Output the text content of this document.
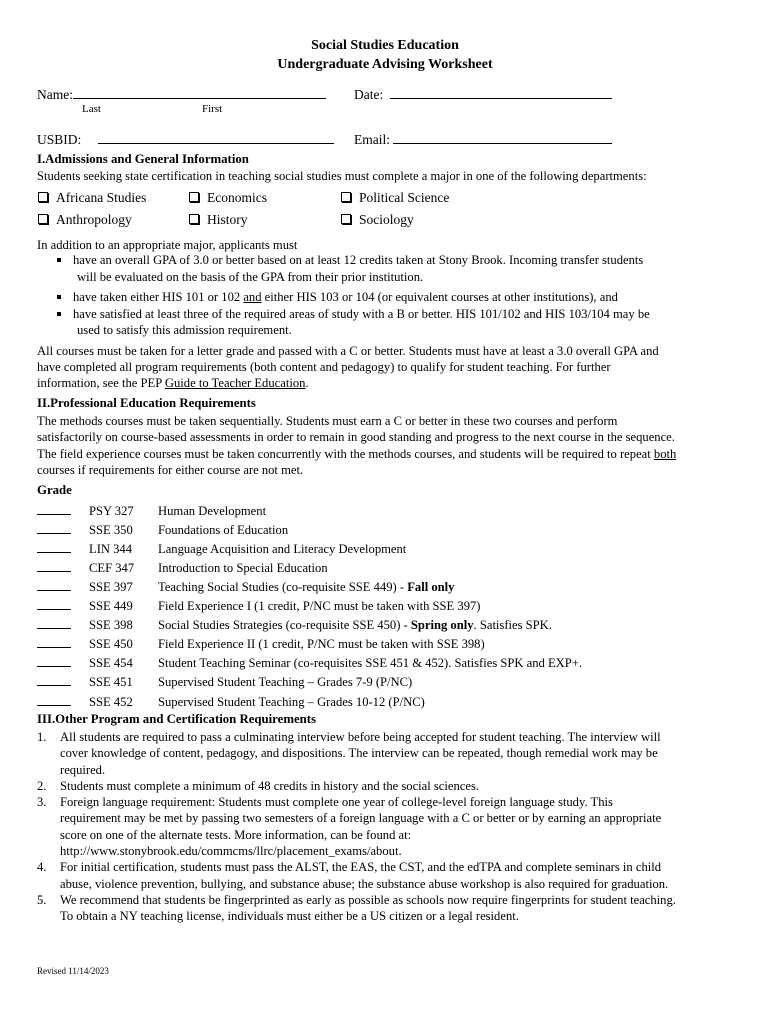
Social Studies Education
Undergraduate Advising Worksheet
Name:	Date:
Last	First
USBID:	Email:
I.Admissions and General Information
Students seeking state certification in teaching social studies must complete a major in one of the following departments:
Africana Studies	Economics	Political Science
Anthropology	History	Sociology
In addition to an appropriate major, applicants must
have an overall GPA of 3.0 or better based on at least 12 credits taken at Stony Brook. Incoming transfer students
will be evaluated on the basis of the GPA from their prior institution.
have taken either HIS 101 or 102 and either HIS 103 or 104 (or equivalent courses at other institutions), and
have satisfied at least three of the required areas of study with a B or better. HIS 101/102 and HIS 103/104 may be
used to satisfy this admission requirement.
All courses must be taken for a letter grade and passed with a C or better. Students must have at least a 3.0 overall GPA and
have completed all program requirements (both content and pedagogy) to qualify for student teaching. For further
information, see the PEP Guide to Teacher Education.
II.Professional Education Requirements
The methods courses must be taken sequentially. Students must earn a C or better in these two courses and perform
satisfactorily on course-based assessments in order to remain in good standing and progress to the next course in the sequence.
The field experience courses must be taken concurrently with the methods courses, and students will be required to repeat both
courses if requirements for either course are not met.
Grade
PSY 327 Human Development
SSE 350 Foundations of Education
LIN 344 Language Acquisition and Literacy Development
CEF 347 Introduction to Special Education
SSE 397 Teaching Social Studies (co-requisite SSE 449) - Fall only
SSE 449 Field Experience I (1 credit, P/NC must be taken with SSE 397)
SSE 398 Social Studies Strategies (co-requisite SSE 450) - Spring only. Satisfies SPK.
SSE 450 Field Experience II (1 credit, P/NC must be taken with SSE 398)
SSE 454 Student Teaching Seminar (co-requisites SSE 451 & 452). Satisfies SPK and EXP+.
SSE 451 Supervised Student Teaching – Grades 7-9 (P/NC)
SSE 452 Supervised Student Teaching – Grades 10-12 (P/NC)
III.Other Program and Certification Requirements
1. All students are required to pass a culminating interview before being accepted for student teaching. The interview will
cover knowledge of content, pedagogy, and dispositions. The interview can be repeated, though remedial work may be
required.
2. Students must complete a minimum of 48 credits in history and the social sciences.
3. Foreign language requirement: Students must complete one year of college-level foreign language study. This
requirement may be met by passing two semesters of a foreign language with a C or better or by earning an appropriate
score on one of the alternate tests. More information, can be found at:
http://www.stonybrook.edu/commcms/llrc/placement_exams/about.
4. For initial certification, students must pass the ALST, the EAS, the CST, and the edTPA and complete seminars in child
abuse, violence prevention, bullying, and substance abuse; the substance abuse workshop is also required for graduation.
5. We recommend that students be fingerprinted as early as possible as schools now require fingerprints for student teaching.
To obtain a NY teaching license, individuals must either be a US citizen or a legal resident.
Revised 11/14/2023
